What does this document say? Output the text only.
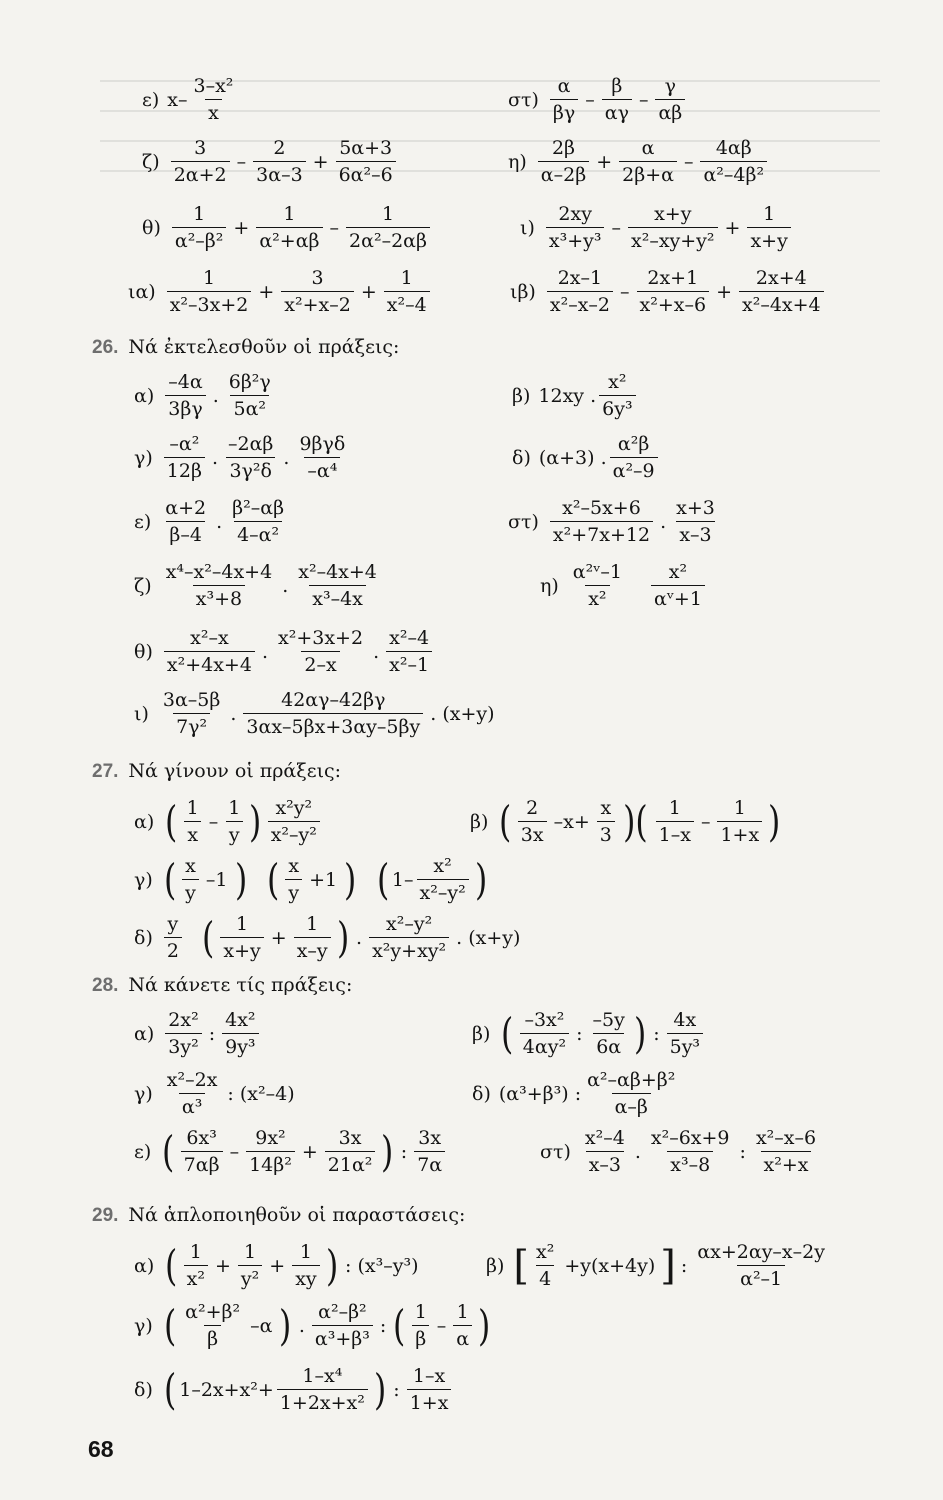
ε) $x- \frac{\text{3–x²}}{x}$	$\sigma\tau) \frac{\alpha}{\beta\gamma} - \frac{\beta}{\alpha\gamma} - \frac{\gamma}{\alpha\beta}$
$\zeta) \frac{3}{2\alpha+2} - \frac{2}{3\alpha-3} + \frac{5\alpha+3}{\text{6α²–6}}$	$\eta) \frac{2\beta}{\alpha-2\beta} + \frac{\alpha}{2\beta+\alpha} - \frac{4\alpha\beta}{\text{α²–4β²}}$
$\theta) \frac{1}{\text{α²–β²}} + \frac{1}{\text{α²+αβ}} - \frac{1}{\text{2α²–2αβ}}$	$\iota) \frac{2xy}{\text{x³+y³}} - \frac{x+y}{\text{x²–xy+y²}} + \frac{1}{x+y}$
$\iota\alpha) \frac{1}{\text{x²–3x+2}} + \frac{3}{\text{x²+x–2}} + \frac{1}{\text{x²–4}}$	$\iota\beta) \frac{2x-1}{\text{x²–x–2}} - \frac{2x+1}{\text{x²+x–6}} + \frac{2x+4}{\text{x²–4x+4}}$
26. Νά ἐκτελεσθοῦν οἱ πράξεις:
$\alpha) \frac{-4\alpha}{3\beta\gamma}$ . $\frac{\text{6β²γ}}{\text{5α²}}$	β) 12xy . $\frac{\text{x²}}{\text{6y³}}$
$\gamma) \frac{\text{–α²}}{12\beta}$ . $\frac{-2\alpha\beta}{\text{3γ²δ}}$ . $\frac{\text{9βγδ}}{\text{–α⁴}}$	δ) (α+3) . $\frac{\text{α²β}}{\text{α²–9}}$
$\varepsilon) \frac{\alpha+2}{\beta-4}$ . $\frac{\text{β²–αβ}}{\text{4–α²}}$	$\sigma\tau) \frac{\text{x²–5x+6}}{\text{x²+7x+12}}$ . $\frac{x+3}{x-3}$
$\zeta) \frac{\text{x⁴–x²–4x+4}}{\text{x³+8}}$ . $\frac{\text{x²–4x+4}}{\text{x³–4x}}$	$\eta) \frac{\text{α²ᵛ–1}}{\text{x²}}$
$\frac{\text{x²}}{\text{αᵛ+1}}$
$\theta) \frac{\text{x²–x}}{\text{x²+4x+4}}$ . $\frac{\text{x²+3x+2}}{2-x}$ . $\frac{\text{x²–4}}{\text{x²–1}}$
$\iota) \frac{3\alpha-5\beta}{\text{7γ²}}$ . $\frac{42\alpha\gamma-42\beta\gamma}{3\alpha x-5\beta x+3\alpha y-5\beta y}$ . (x+y)
27. Νά γίνουν οἱ πράξεις:
α) ( $\frac{1}{x} - \frac{1}{y}$ ) $\frac{\text{x²y²}}{\text{x²–y²}}$	β) ( $\frac{2}{3x} -x+ \frac{x}{3}$ )( $\frac{1}{1-x} - \frac{1}{1+x}$ )
γ) ( $\frac{x}{y} -1$ )
( $\frac{x}{y} +1$ )
( $1- \frac{\text{x²}}{\text{x²–y²}}$ )
$\delta) \frac{y}{2}$
( $\frac{1}{x+y} + \frac{1}{x-y}$ ) . $\frac{\text{x²–y²}}{\text{x²y+xy²}}$ . (x+y)
28. Νά κάνετε τίς πράξεις:
$\alpha) \frac{\text{2x²}}{\text{3y²}}$ : $\frac{\text{4x²}}{\text{9y³}}$	β) ( $\frac{\text{–3x²}}{\text{4αy²}}$ : $\frac{-5y}{6\alpha}$ ) : $\frac{4x}{\text{5y³}}$
$\gamma) \frac{\text{x²–2x}}{\text{α³}}$ : (x²–4)	δ) (α³+β³) : $\frac{\text{α²–αβ+β²}}{\alpha-\beta}$
ε) ( $\frac{\text{6x³}}{7\alpha\beta} - \frac{\text{9x²}}{\text{14β²}} + \frac{3x}{\text{21α²}}$ ) : $\frac{3x}{7\alpha}$	$\sigma\tau) \frac{\text{x²–4}}{x-3}$ . $\frac{\text{x²–6x+9}}{\text{x³–8}}$ : $\frac{\text{x²–x–6}}{\text{x²+x}}$
29. Νά ἁπλοποιηθοῦν οἱ παραστάσεις:
α) ( $\frac{1}{\text{x²}} + \frac{1}{\text{y²}} + \frac{1}{xy}$ ) : (x³–y³)	β) [ $\frac{\text{x²}}{4} +y(x+4y)$ ] : $\frac{\alpha x+2\alpha y-x-2y}{\text{α²–1}}$
γ) ( $\frac{\text{α²+β²}}{\beta} -\alpha$ ) . $\frac{\text{α²–β²}}{\text{α³+β³}}$ : ( $\frac{1}{\beta} - \frac{1}{\alpha}$ )
δ) ( $1-2x+x^2+ \frac{\text{1–x⁴}}{\text{1+2x+x²}}$ ) : $\frac{1-x}{1+x}$
68
